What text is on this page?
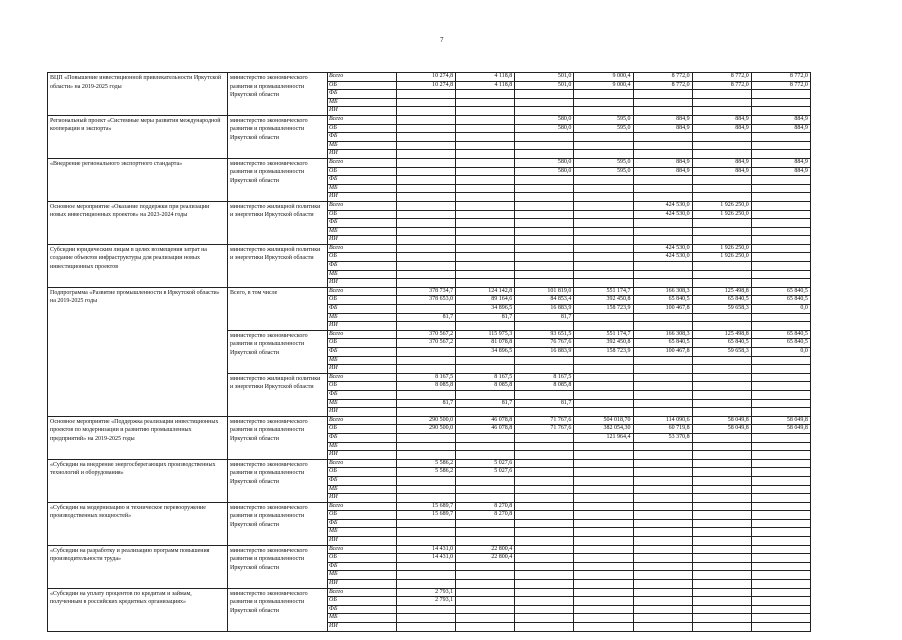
7
ВЦП «Повышение инвестиционной привлекательности Иркутской области» на 2019-2025 годы	министерство экономического развития и промышленности Иркутской области	Всего	10 274,8	4 118,8	501,0	9 000,4	8 772,0	8 772,0	8 772,0
		ОБ	10 274,8	4 118,8	501,0	9 000,4	8 772,0	8 772,0	8 772,0
		ФБ							
		МБ							
		ИИ							
Региональный проект «Системные меры развития международной кооперации и экспорта»	министерство экономического развития и промышленности Иркутской области	Всего			580,0	595,0	884,9	884,9	884,9
		ОБ			580,0	595,0	884,9	884,9	884,9
		ФБ							
		МБ							
		ИИ							
«Внедрение регионального экспортного стандарта»	министерство экономического развития и промышленности Иркутской области	Всего			580,0	595,0	884,9	884,9	884,9
		ОБ			580,0	595,0	884,9	884,9	884,9
		ФБ							
		МБ							
		ИИ							
Основное мероприятие «Оказание поддержки при реализации новых инвестиционных проектов» на 2023-2024 годы	министерство жилищной политики и энергетики Иркутской области	Всего					424 530,0	1 926 250,0	
		ОБ					424 530,0	1 926 250,0	
		ФБ							
		МБ							
		ИИ							
Субсидии юридическим лицам в целях возмещения затрат на создание объектов инфраструктуры для реализации новых инвестиционных проектов	министерство жилищной политики и энергетики Иркутской области	Всего					424 530,0	1 926 250,0	
		ОБ					424 530,0	1 926 250,0	
		ФБ							
		МБ							
		ИИ							
Подпрограмма «Развитие промышленности в Иркутской области» на 2019-2025 годы	Всего, в том числе	Всего	378 734,7	124 142,8	101 819,0	551 174,7	166 308,3	125 498,8	65 840,5
		ОБ	378 653,0	89 164,6	84 853,4	392 450,8	65 840,5	65 840,5	65 840,5
		ФБ		34 896,5	16 883,9	158 723,9	100 467,8	59 658,3	0,0
		МБ	81,7	81,7	81,7				
		ИИ							
	министерство экономического развития и промышленности Иркутской области	Всего	370 567,2	115 975,3	93 651,5	551 174,7	166 308,3	125 498,8	65 840,5
		ОБ	370 567,2	81 078,8	76 767,6	392 450,8	65 840,5	65 840,5	65 840,5
		ФБ		34 896,5	16 883,9	158 723,9	100 467,8	59 658,3	0,0
		МБ							
		ИИ							
	министерство жилищной политики и энергетики Иркутской области	Всего	8 167,5	8 167,5	8 167,5				
		ОБ	8 085,8	8 085,8	8 085,8				
		ФБ							
		МБ	81,7	81,7	81,7				
		ИИ							
Основное мероприятие «Поддержка реализации инвестиционных проектов по модернизации и развитию промышленных предприятий» на 2019-2025 годы	министерство экономического развития и промышленности Иркутской области	Всего	290 500,0	46 078,8	71 767,6	504 018,70	114 090,6	58 049,8	58 049,8
		ОБ	290 500,0	46 078,8	71 767,6	382 054,30	60 719,8	58 049,8	58 049,8
		ФБ				121 964,4	53 370,8		
		МБ							
		ИИ							
«Субсидии на внедрение энергосберегающих производственных технологий и оборудования»	министерство экономического развития и промышленности Иркутской области	Всего	5 586,2	5 027,6					
		ОБ	5 586,2	5 027,6					
		ФБ							
		МБ							
		ИИ							
«Субсидии на модернизацию и техническое перевооружение производственных мощностей»	министерство экономического развития и промышленности Иркутской области	Всего	15 689,7	8 270,8					
		ОБ	15 689,7	8 270,8					
		ФБ							
		МБ							
		ИИ							
«Субсидии на разработку и реализацию программ повышения производительности труда»	министерство экономического развития и промышленности Иркутской области	Всего	14 431,0	22 800,4					
		ОБ	14 431,0	22 800,4					
		ФБ							
		МБ							
		ИИ							
«Субсидии на уплату процентов по кредитам и займам, полученным в российских кредитных организациях»	министерство экономического развития и промышленности Иркутской области	Всего	2 793,1						
		ОБ	2 793,1						
		ФБ							
		МБ							
		ИИ							
